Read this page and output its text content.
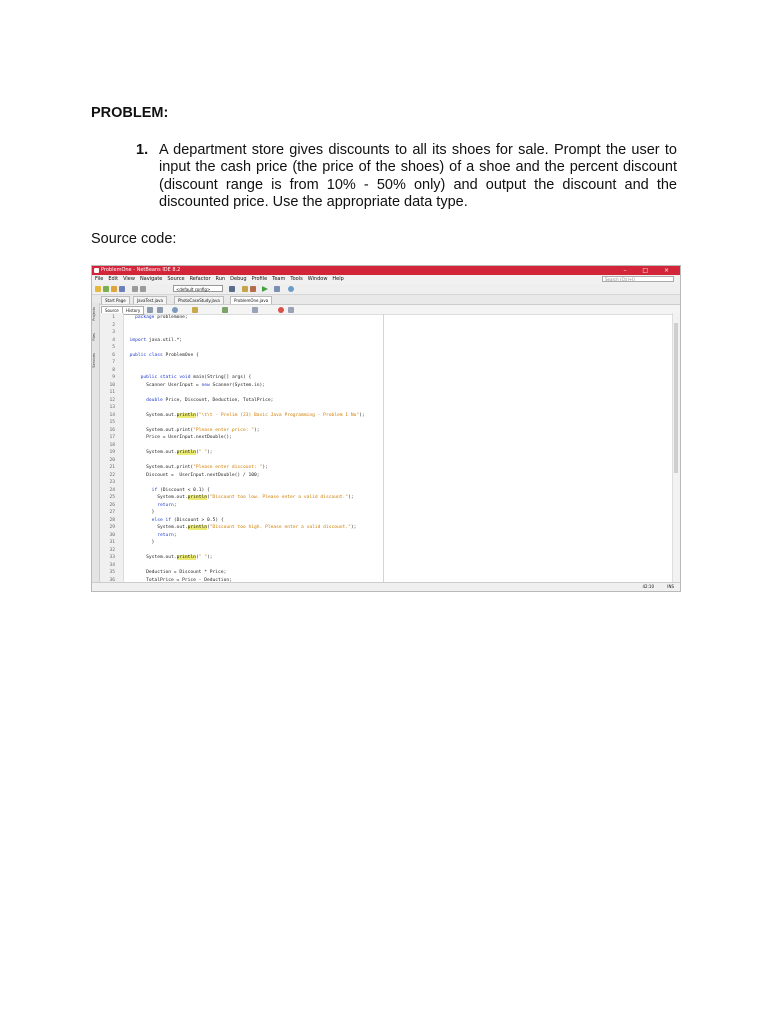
PROBLEM:
1. A department store gives discounts to all its shoes for sale. Prompt the user to input the cash price (the price of the shoes) of a shoe and the percent discount (discount range is from 10% - 50% only) and output the discount and the discounted price. Use the appropriate data type.
Source code:
ProblemOne - NetBeans IDE 8.2	– □ ×
File Edit View Navigate Source Refactor Run Debug Profile Team Tools Window Help	Search (Ctrl+I)
<default config>
Start Page	JavaTest.java	PhotoCaseStudy.java	ProblemOne.java
Source	History
Projects
Files
Services
1	package problemone;
2
3
4	import java.util.*;
5
6	public class ProblemOne {
7
8
9	public static void main(String[] args) {
10 Scanner UserInput = new Scanner(System.in);
11
12	double Price, Discount, Deduction, TotalPrice;
13
14 System.out.println("\t\t - Prelim (23) Basic Java Programming - Problem 1 No");
15
16 System.out.print("Please enter price: ");
17 Price = UserInput.nextDouble();
18
19 System.out.println(" ");
20
21 System.out.print("Please enter discount: ");
22 Discount =  UserInput.nextDouble() / 100;
23
24	if (Discount < 0.1) {
25 System.out.println("Discount too low. Please enter a valid discount.");
26	return;
27 }
28	else if (Discount > 0.5) {
29 System.out.println("Discount too high. Please enter a valid discount.");
30	return;
31 }
32
33 System.out.println(" ");
34
35 Deduction = Discount * Price;
36 TotalPrice = Price - Deduction;
42:10	INS
